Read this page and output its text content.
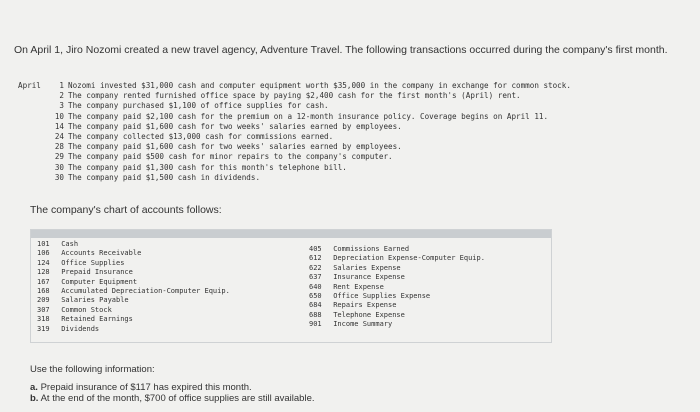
On April 1, Jiro Nozomi created a new travel agency, Adventure Travel. The following transactions occurred during the company's first month.
April	1 Nozomi invested $31,000 cash and computer equipment worth $35,000 in the company in exchange for common stock.
2 The company rented furnished office space by paying $2,400 cash for the first month's (April) rent.
3 The company purchased $1,100 of office supplies for cash.
10 The company paid $2,100 cash for the premium on a 12-month insurance policy. Coverage begins on April 11.
14 The company paid $1,600 cash for two weeks' salaries earned by employees.
24 The company collected $13,000 cash for commissions earned.
28 The company paid $1,600 cash for two weeks' salaries earned by employees.
29 The company paid $500 cash for minor repairs to the company's computer.
30 The company paid $1,300 cash for this month's telephone bill.
30 The company paid $1,500 cash in dividends.
The company's chart of accounts follows:
101 Cash
106 Accounts Receivable
124 Office Supplies
128 Prepaid Insurance
167 Computer Equipment
168 Accumulated Depreciation-Computer Equip.
209 Salaries Payable
307 Common Stock
318 Retained Earnings
319 Dividends
405 Commissions Earned
612 Depreciation Expense-Computer Equip.
622 Salaries Expense
637 Insurance Expense
640 Rent Expense
650 Office Supplies Expense
684 Repairs Expense
688 Telephone Expense
901 Income Summary
Use the following information:
a. Prepaid insurance of $117 has expired this month.
b. At the end of the month, $700 of office supplies are still available.
